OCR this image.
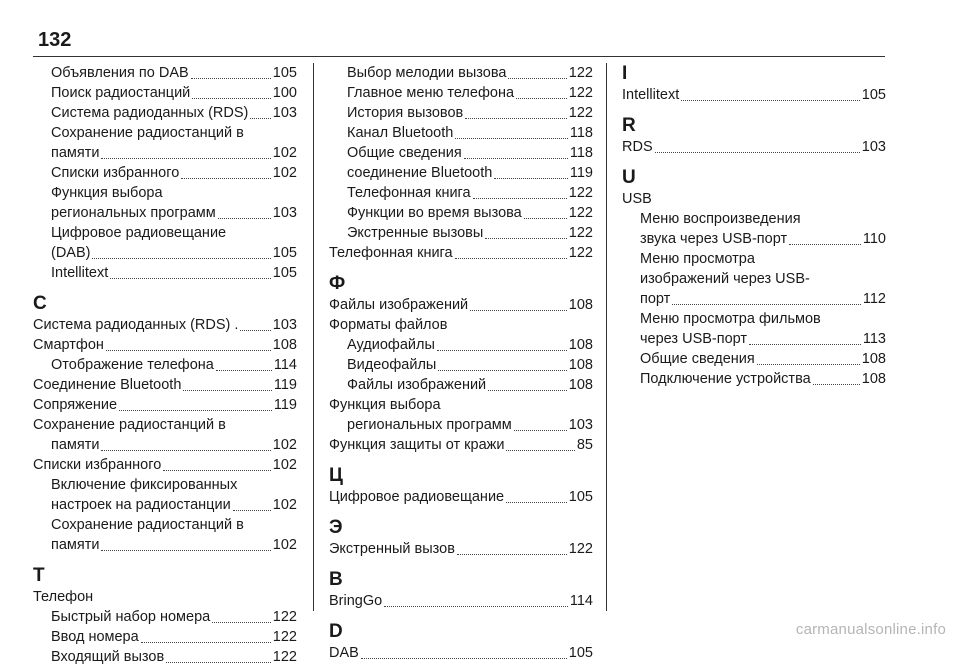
132
Объявления по DAB	105
Поиск радиостанций	100
Система радиоданных (RDS) 103
Сохранение радиостанций в
памяти	102
Списки избранного	102
Функция выбора
региональных программ	103
Цифровое радиовещание
(DAB)	105
Intellitext	105
С
Система радиоданных (RDS) . 103
Смартфон	108
Отображение телефона	114
Соединение Bluetooth	119
Сопряжение	119
Сохранение радиостанций в
памяти	102
Списки избранного	102
Включение фиксированных
настроек на радиостанции	102
Сохранение радиостанций в
памяти	102
Т
Телефон
Быстрый набор номера	122
Ввод номера	122
Входящий вызов	122
Выбор мелодии вызова	122
Главное меню телефона	122
История вызовов	122
Канал Bluetooth	118
Общие сведения	118
соединение Bluetooth	119
Телефонная книга	122
Функции во время вызова	122
Экстренные вызовы	122
Телефонная книга	122
Ф
Файлы изображений	108
Форматы файлов
Аудиофайлы	108
Видеофайлы	108
Файлы изображений	108
Функция выбора
региональных программ	103
Функция защиты от кражи	85
Ц
Цифровое радиовещание	105
Э
Экстренный вызов	122
B
BringGo	114
D
DAB	105
I
Intellitext	105
R
RDS	103
U
USB
Меню воспроизведения
звука через USB-порт	110
Меню просмотра
изображений через USB-
порт	112
Меню просмотра фильмов
через USB-порт	113
Общие сведения	108
Подключение устройства	108
carmanualsonline.info
